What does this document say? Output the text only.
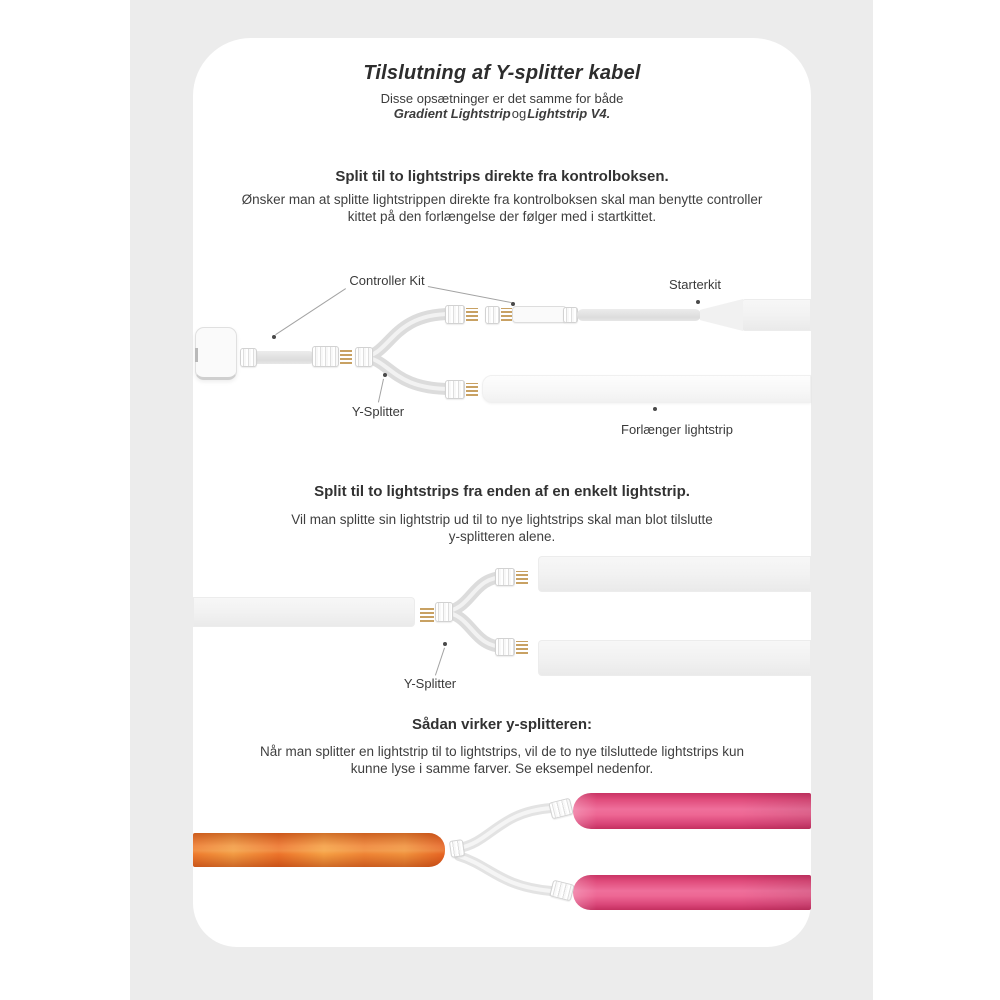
Tilslutning af Y-splitter kabel
Disse opsætninger er det samme for både
Gradient LightstripogLightstrip V4.
Split til to lightstrips direkte fra kontrolboksen.
Ønsker man at splitte lightstrippen direkte fra kontrolboksen skal man benytte controller
kittet på den forlængelse der følger med i startkittet.
Controller Kit	Starterkit
Y-Splitter
Forlænger lightstrip
Split til to lightstrips fra enden af en enkelt lightstrip.
Vil man splitte sin lightstrip ud til to nye lightstrips skal man blot tilslutte
y-splitteren alene.
Y-Splitter
Sådan virker y-splitteren:
Når man splitter en lightstrip til to lightstrips, vil de to nye tilsluttede lightstrips kun
kunne lyse i samme farver. Se eksempel nedenfor.
